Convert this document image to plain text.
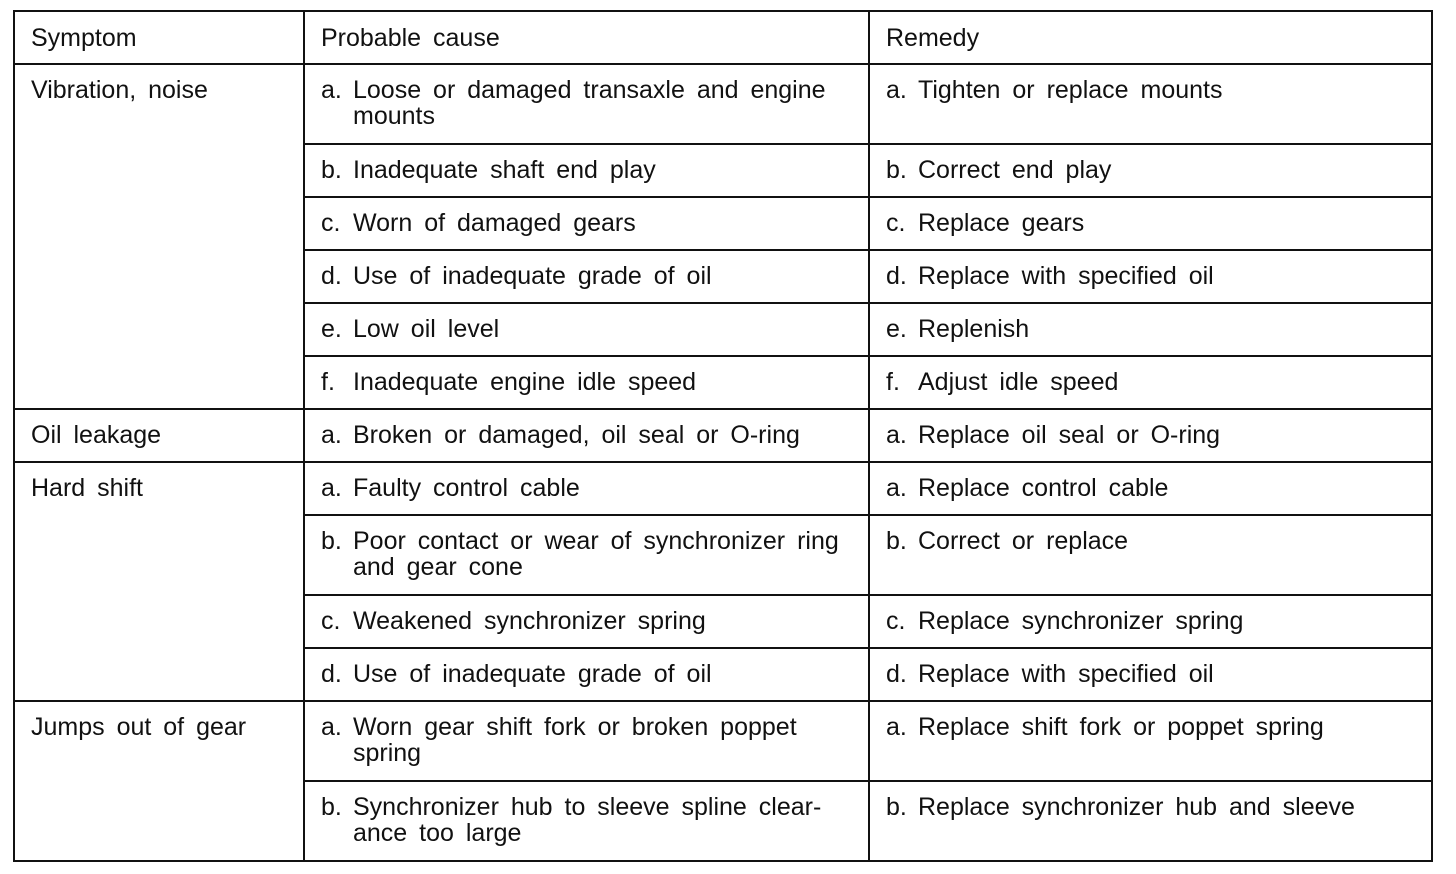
Symptom	Probable cause	Remedy
Vibration, noise	a. Loose or damaged transaxle and engine mounts	a. Tighten or replace mounts

	b. Inadequate shaft end play	b. Correct end play

	c. Worn of damaged gears	c. Replace gears

	d. Use of inadequate grade of oil	d. Replace with specified oil

	e. Low oil level	e. Replenish

	f. Inadequate engine idle speed	f. Adjust idle speed

Oil leakage	a. Broken or damaged, oil seal or O-ring	a. Replace oil seal or O-ring

Hard shift	a. Faulty control cable	a. Replace control cable

	b. Poor contact or wear of synchronizer ring and gear cone	b. Correct or replace

	c. Weakened synchronizer spring	c. Replace synchronizer spring

	d. Use of inadequate grade of oil	d. Replace with specified oil

Jumps out of gear	a. Worn gear shift fork or broken poppet spring	a. Replace shift fork or poppet spring

	b. Synchronizer hub to sleeve spline clear-ance too large	b. Replace synchronizer hub and sleeve
